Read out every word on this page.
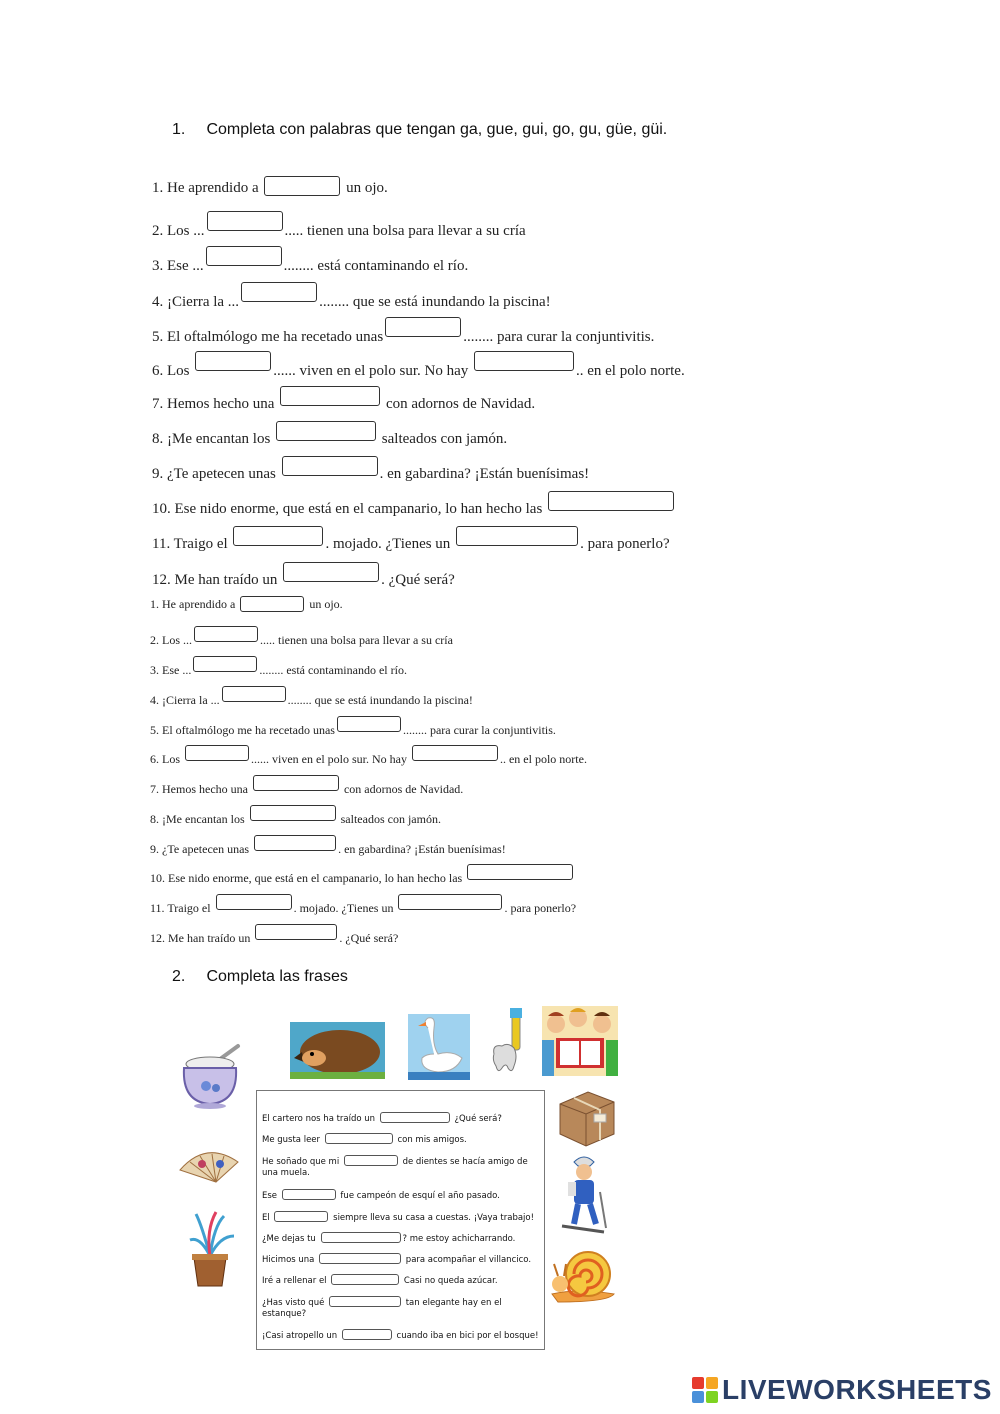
1. Completa con palabras que tengan ga, gue, gui, go, gu, güe, güi.
1. He aprendido a	un ojo.
2. Los ...	..... tienen una bolsa para llevar a su cría
3. Ese ...	........ está contaminando el río.
4. ¡Cierra la ...	........ que se está inundando la piscina!
5. El oftalmólogo me ha recetado unas	........ para curar la conjuntivitis.
6. Los	...... viven en el polo sur. No hay	.. en el polo norte.
7. Hemos hecho una	con adornos de Navidad.
8. ¡Me encantan los	salteados con jamón.
9. ¿Te apetecen unas	. en gabardina? ¡Están buenísimas!
10. Ese nido enorme, que está en el campanario, lo han hecho las
11. Traigo el	. mojado. ¿Tienes un	. para ponerlo?
12. Me han traído un	. ¿Qué será?
1. He aprendido a	un ojo.
2. Los ...	..... tienen una bolsa para llevar a su cría
3. Ese ...	........ está contaminando el río.
4. ¡Cierra la ...	........ que se está inundando la piscina!
5. El oftalmólogo me ha recetado unas	........ para curar la conjuntivitis.
6. Los	...... viven en el polo sur. No hay	.. en el polo norte.
7. Hemos hecho una	con adornos de Navidad.
8. ¡Me encantan los	salteados con jamón.
9. ¿Te apetecen unas	. en gabardina? ¡Están buenísimas!
10. Ese nido enorme, que está en el campanario, lo han hecho las
11. Traigo el	. mojado. ¿Tienes un	. para ponerlo?
12. Me han traído un	. ¿Qué será?
2. Completa las frases
El cartero nos ha traído un	¿Qué será?
Me gusta leer	con mis amigos.
He soñado que mi	de dientes se hacía amigo de
una muela.
Ese	fue campeón de esquí el año pasado.
El	siempre lleva su casa a cuestas. ¡Vaya trabajo!
¿Me dejas tu	? me estoy achicharrando.
Hicimos una	para acompañar el villancico.
Iré a rellenar el	Casi no queda azúcar.
¿Has visto qué	tan elegante hay en el
estanque?
¡Casi atropello un	cuando iba en bici por el bosque!
LIVEWORKSHEETS
